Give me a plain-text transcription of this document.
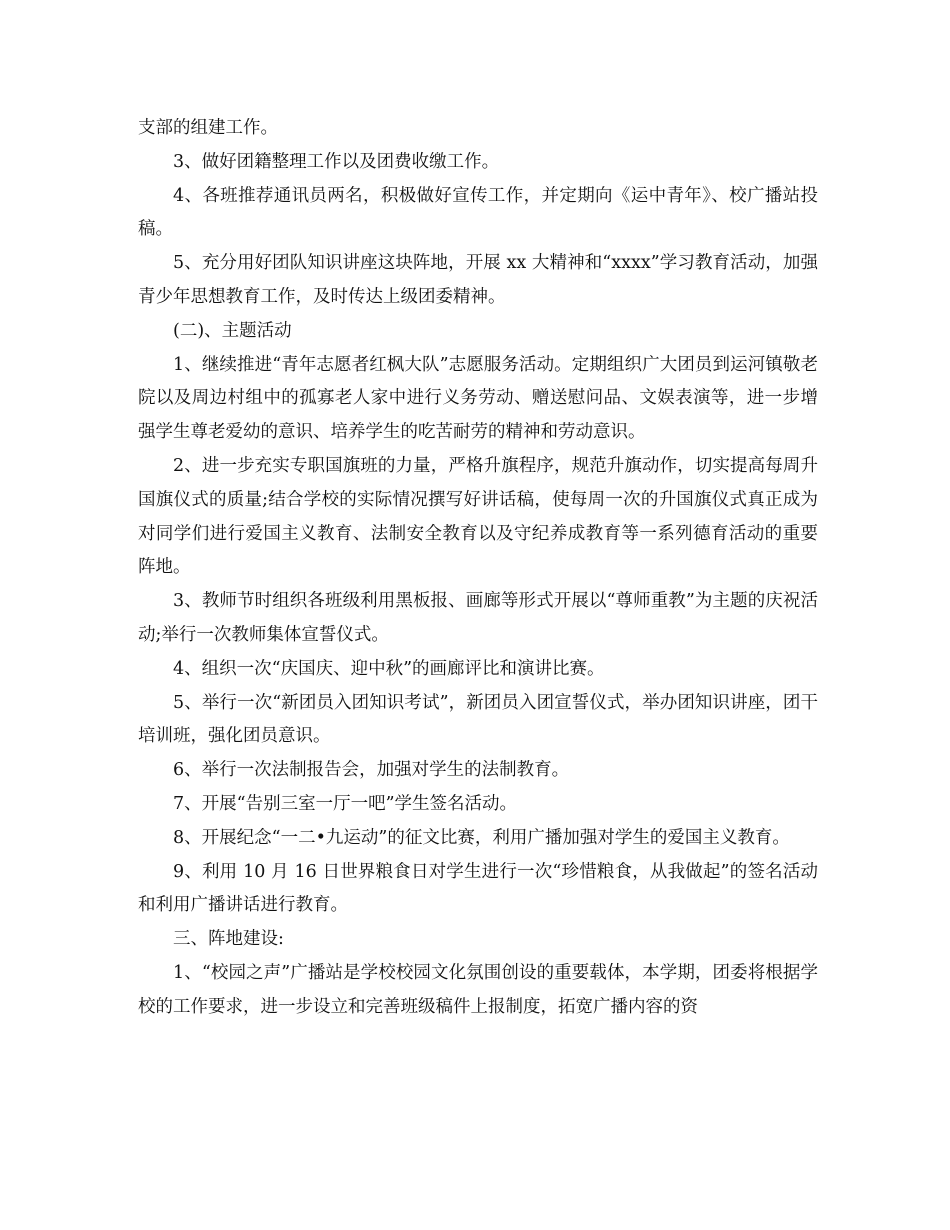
支部的组建工作。

3、做好团籍整理工作以及团费收缴工作。

4、各班推荐通讯员两名，积极做好宣传工作，并定期向《运中青年》、校广播站投稿。

5、充分用好团队知识讲座这块阵地，开展 xx 大精神和“xxxx”学习教育活动，加强青少年思想教育工作，及时传达上级团委精神。

(二)、主题活动

1、继续推进“青年志愿者红枫大队”志愿服务活动。定期组织广大团员到运河镇敬老院以及周边村组中的孤寡老人家中进行义务劳动、赠送慰问品、文娱表演等，进一步增强学生尊老爱幼的意识、培养学生的吃苦耐劳的精神和劳动意识。

2、进一步充实专职国旗班的力量，严格升旗程序，规范升旗动作，切实提高每周升国旗仪式的质量;结合学校的实际情况撰写好讲话稿，使每周一次的升国旗仪式真正成为对同学们进行爱国主义教育、法制安全教育以及守纪养成教育等一系列德育活动的重要阵地。

3、教师节时组织各班级利用黑板报、画廊等形式开展以“尊师重教”为主题的庆祝活动;举行一次教师集体宣誓仪式。

4、组织一次“庆国庆、迎中秋”的画廊评比和演讲比赛。

5、举行一次“新团员入团知识考试”，新团员入团宣誓仪式，举办团知识讲座，团干培训班，强化团员意识。

6、举行一次法制报告会，加强对学生的法制教育。

7、开展“告别三室一厅一吧”学生签名活动。

8、开展纪念“一二•九运动”的征文比赛，利用广播加强对学生的爱国主义教育。

9、利用 10 月 16 日世界粮食日对学生进行一次“珍惜粮食，从我做起”的签名活动和利用广播讲话进行教育。

三、阵地建设:

1、“校园之声”广播站是学校校园文化氛围创设的重要载体，本学期，团委将根据学校的工作要求，进一步设立和完善班级稿件上报制度，拓宽广播内容的资
